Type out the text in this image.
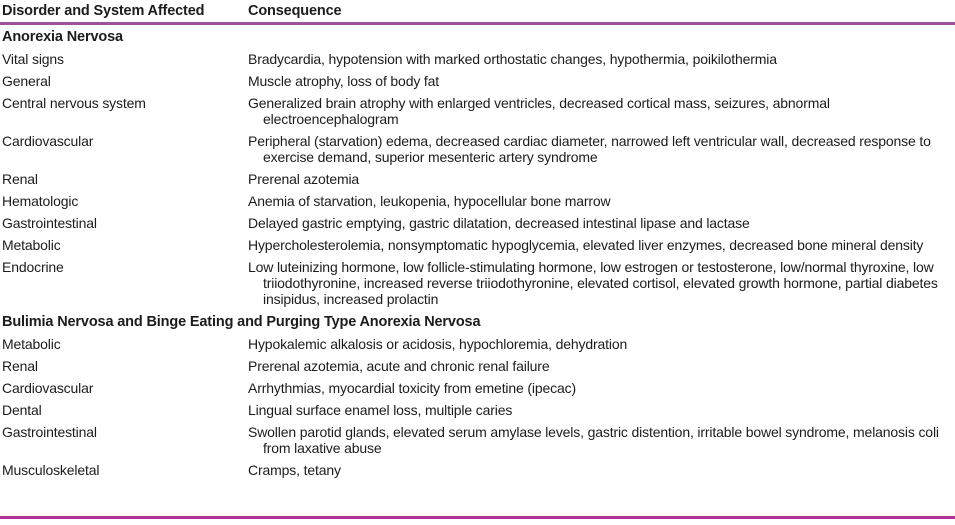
Disorder and System Affected	Consequence
Anorexia Nervosa
Vital signs	Bradycardia, hypotension with marked orthostatic changes, hypothermia, poikilothermia
General	Muscle atrophy, loss of body fat
Central nervous system	Generalized brain atrophy with enlarged ventricles, decreased cortical mass, seizures, abnormal electroencephalogram
Cardiovascular	Peripheral (starvation) edema, decreased cardiac diameter, narrowed left ventricular wall, decreased response to exercise demand, superior mesenteric artery syndrome
Renal	Prerenal azotemia
Hematologic	Anemia of starvation, leukopenia, hypocellular bone marrow
Gastrointestinal	Delayed gastric emptying, gastric dilatation, decreased intestinal lipase and lactase
Metabolic	Hypercholesterolemia, nonsymptomatic hypoglycemia, elevated liver enzymes, decreased bone mineral density
Endocrine	Low luteinizing hormone, low follicle-stimulating hormone, low estrogen or testosterone, low/normal thyroxine, low triiodothyronine, increased reverse triiodothyronine, elevated cortisol, elevated growth hormone, partial diabetes insipidus, increased prolactin
Bulimia Nervosa and Binge Eating and Purging Type Anorexia Nervosa
Metabolic	Hypokalemic alkalosis or acidosis, hypochloremia, dehydration
Renal	Prerenal azotemia, acute and chronic renal failure
Cardiovascular	Arrhythmias, myocardial toxicity from emetine (ipecac)
Dental	Lingual surface enamel loss, multiple caries
Gastrointestinal	Swollen parotid glands, elevated serum amylase levels, gastric distention, irritable bowel syndrome, melanosis coli from laxative abuse
Musculoskeletal	Cramps, tetany
